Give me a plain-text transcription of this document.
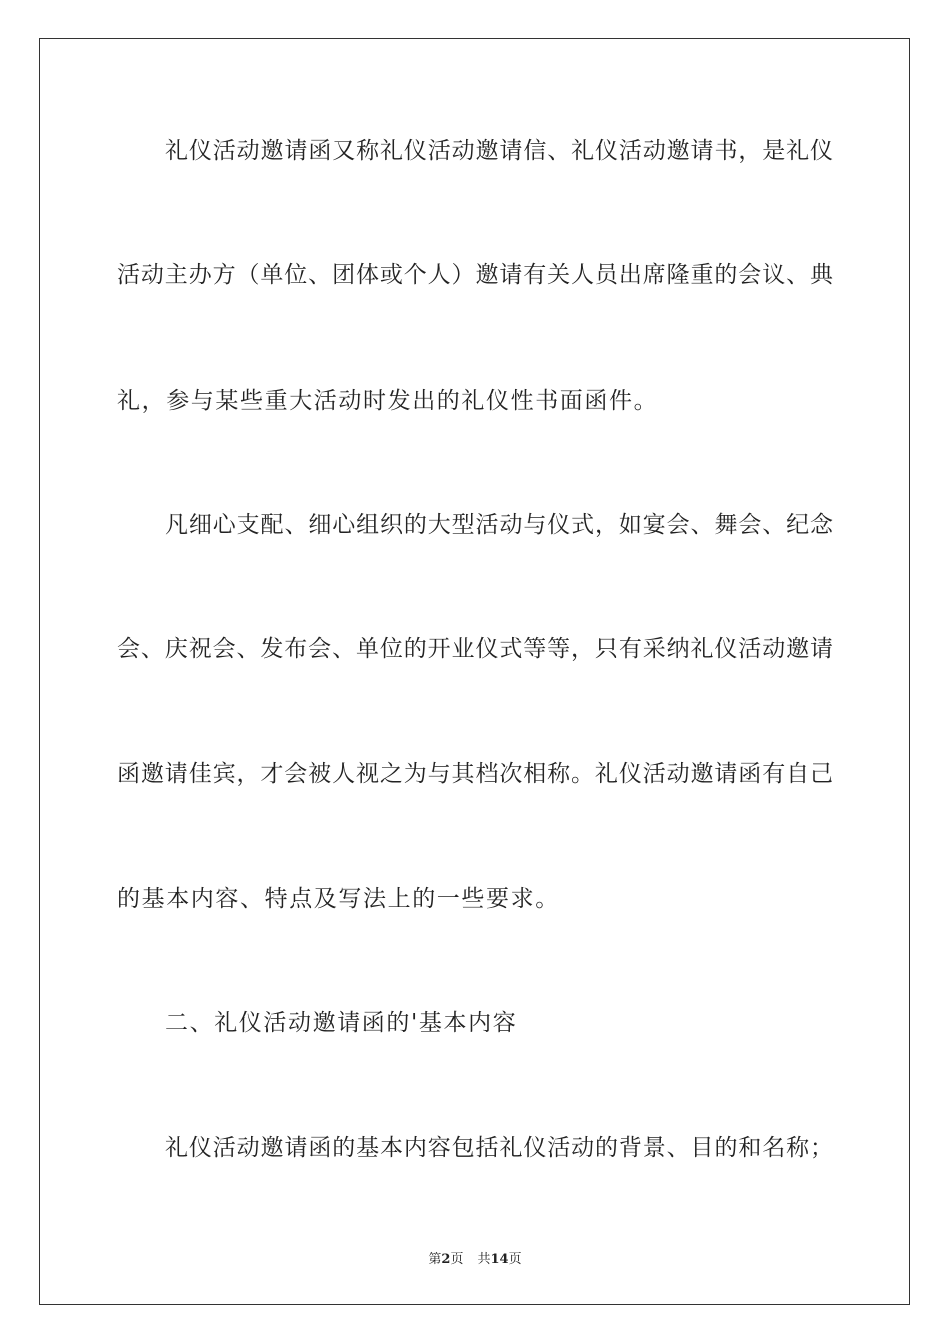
礼仪活动邀请函又称礼仪活动邀请信、礼仪活动邀请书，是礼仪
活动主办方（单位、团体或个人）邀请有关人员出席隆重的会议、典
礼，参与某些重大活动时发出的礼仪性书面函件。
凡细心支配、细心组织的大型活动与仪式，如宴会、舞会、纪念
会、庆祝会、发布会、单位的开业仪式等等，只有采纳礼仪活动邀请
函邀请佳宾，才会被人视之为与其档次相称。礼仪活动邀请函有自己
的基本内容、特点及写法上的一些要求。
二、礼仪活动邀请函的'基本内容
礼仪活动邀请函的基本内容包括礼仪活动的背景、目的和名称；
第2页 共14页
